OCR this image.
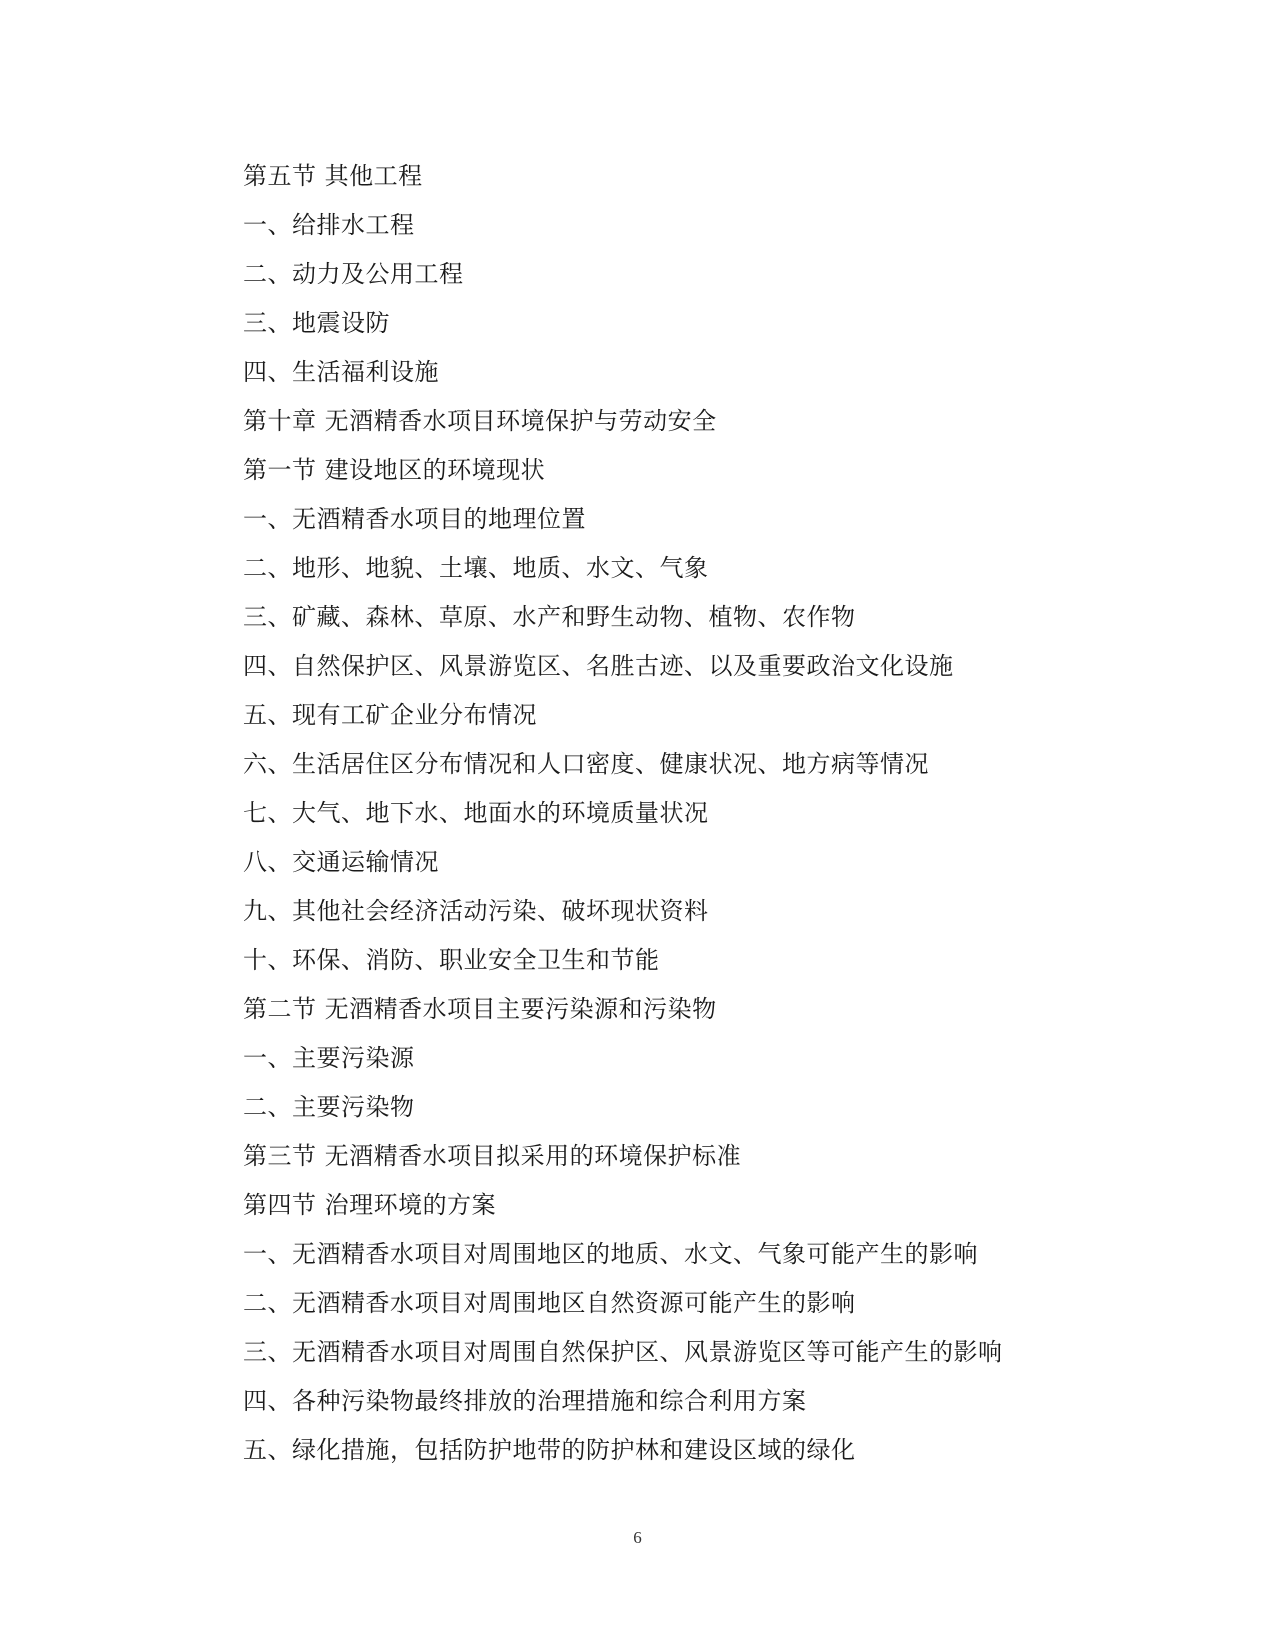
第五节 其他工程
一、给排水工程
二、动力及公用工程
三、地震设防
四、生活福利设施
第十章 无酒精香水项目环境保护与劳动安全
第一节 建设地区的环境现状
一、无酒精香水项目的地理位置
二、地形、地貌、土壤、地质、水文、气象
三、矿藏、森林、草原、水产和野生动物、植物、农作物
四、自然保护区、风景游览区、名胜古迹、以及重要政治文化设施
五、现有工矿企业分布情况
六、生活居住区分布情况和人口密度、健康状况、地方病等情况
七、大气、地下水、地面水的环境质量状况
八、交通运输情况
九、其他社会经济活动污染、破坏现状资料
十、环保、消防、职业安全卫生和节能
第二节 无酒精香水项目主要污染源和污染物
一、主要污染源
二、主要污染物
第三节 无酒精香水项目拟采用的环境保护标准
第四节 治理环境的方案
一、无酒精香水项目对周围地区的地质、水文、气象可能产生的影响
二、无酒精香水项目对周围地区自然资源可能产生的影响
三、无酒精香水项目对周围自然保护区、风景游览区等可能产生的影响
四、各种污染物最终排放的治理措施和综合利用方案
五、绿化措施，包括防护地带的防护林和建设区域的绿化
6
